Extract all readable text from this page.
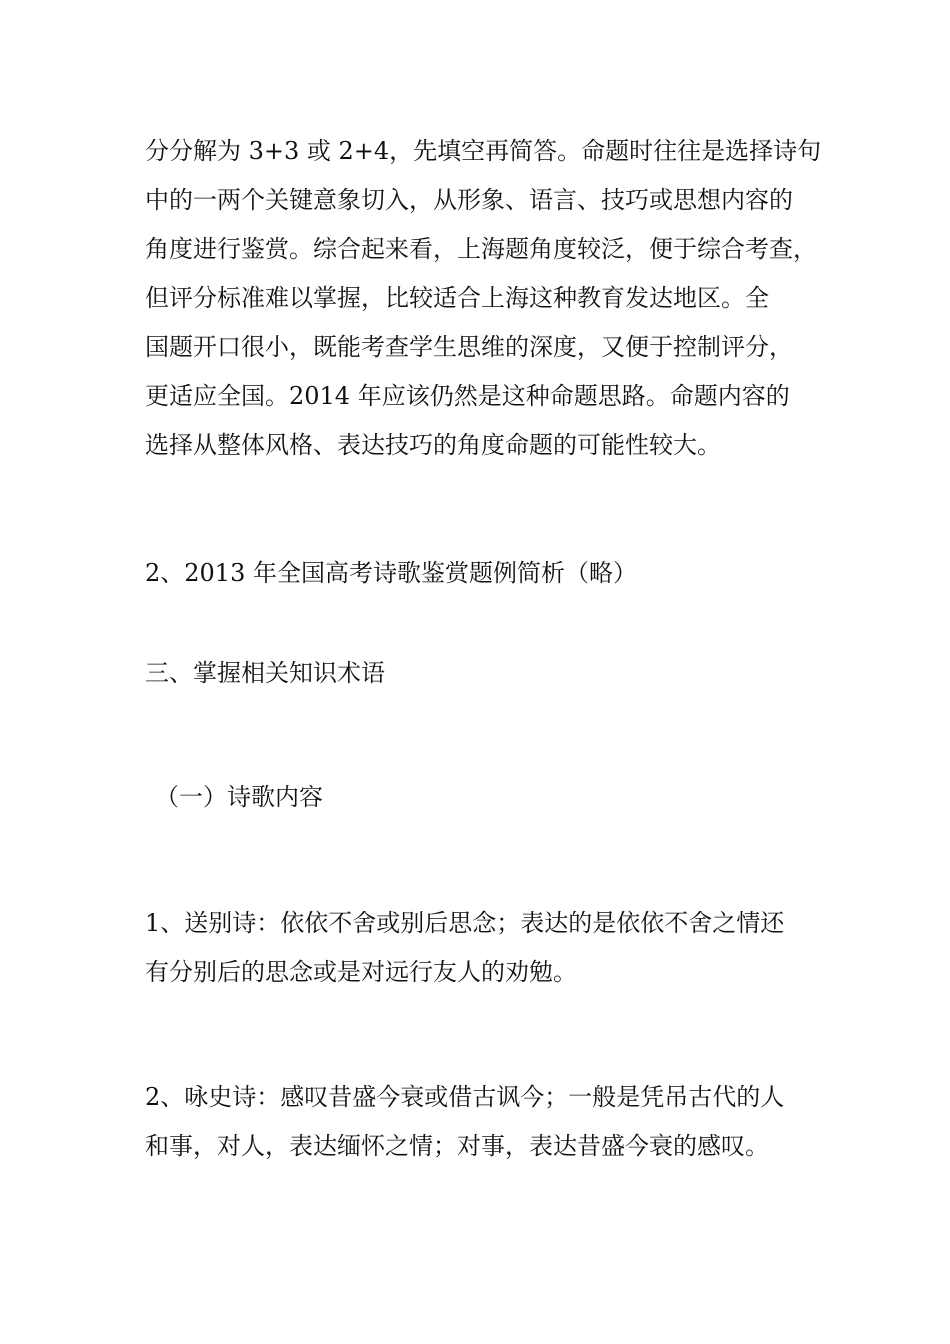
分分解为 3+3 或 2+4，先填空再简答。命题时往往是选择诗句
中的一两个关键意象切入，从形象、语言、技巧或思想内容的
角度进行鉴赏。综合起来看，上海题角度较泛，便于综合考查，
但评分标准难以掌握，比较适合上海这种教育发达地区。全
国题开口很小，既能考查学生思维的深度，又便于控制评分，
更适应全国。2014 年应该仍然是这种命题思路。命题内容的
选择从整体风格、表达技巧的角度命题的可能性较大。
2、2013 年全国高考诗歌鉴赏题例简析（略）
三、掌握相关知识术语
（一）诗歌内容
1、送别诗：依依不舍或别后思念；表达的是依依不舍之情还
有分别后的思念或是对远行友人的劝勉。
2、咏史诗：感叹昔盛今衰或借古讽今；一般是凭吊古代的人
和事，对人，表达缅怀之情；对事，表达昔盛今衰的感叹。
